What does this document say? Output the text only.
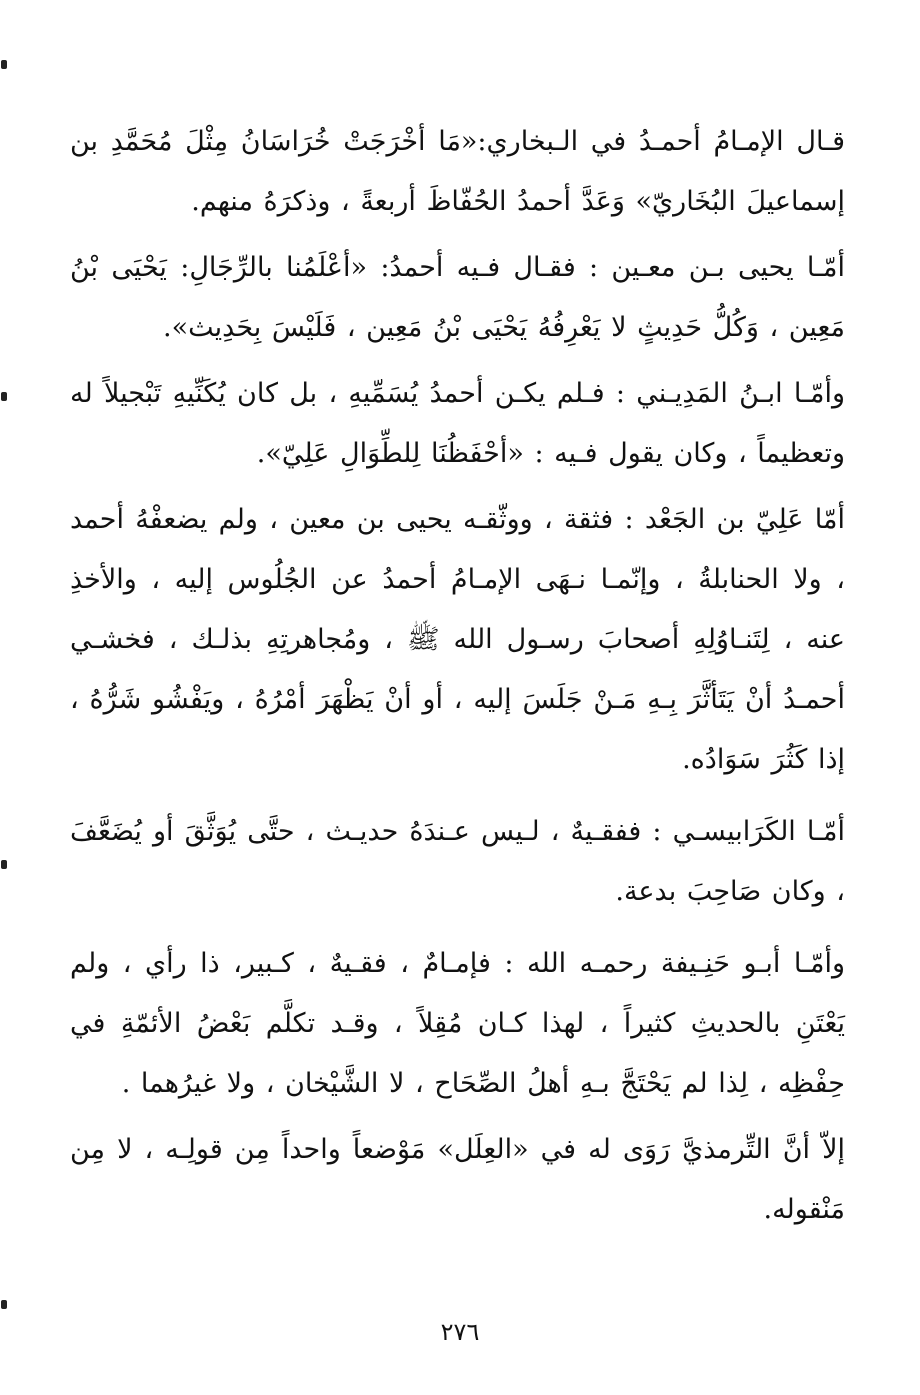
قـال الإمـامُ أحمـدُ في الـبخاري:«مَا أخْرَجَتْ خُرَاسَانُ مِثْلَ مُحَمَّدِ بن إسماعيلَ البُخَاريّ» وَعَدَّ أحمدُ الحُفّاظَ أربعةً ، وذكرَهُ منهم.

أمّـا يحيى بـن معـين : فقـال فـيه أحمدُ: «أعْلَمُنا بالرِّجَالِ: يَحْيَى بْنُ مَعِين ، وَكُلُّ حَدِيثٍ لا يَعْرِفُهُ يَحْيَى بْنُ مَعِين ، فَلَيْسَ بِحَدِيث».

وأمّـا ابـنُ المَدِيـني : فـلم يكـن أحمدُ يُسَمِّيهِ ، بل كان يُكَنِّيهِ تَبْجيلاً له وتعظيماً ، وكان يقول فـيه : «أحْفَظُنَا لِلطِّوَالِ عَلِيّ».

أمّا عَلِيّ بن الجَعْد : فثقة ، ووثّقـه يحيى بن معين ، ولم يضعفْهُ أحمد ، ولا الحنابلةُ ، وإنّمـا نـهَى الإمـامُ أحمدُ عن الجُلُوس إليه ، والأخذِ عنه ، لِتَنـاوُلِهِ أصحابَ رسـول الله ﷺ ، ومُجاهرتِهِ بذلـك ، فخشـي أحمـدُ أنْ يَتَأثَّرَ بِـهِ مَـنْ جَلَسَ إليه ، أو أنْ يَظْهَرَ أمْرُهُ ، ويَفْشُو شَرُّهُ ، إذا كَثُرَ سَوَادُه.

أمّـا الكَرَابيسـي : ففقـيهٌ ، لـيس عـندَهُ حديـث ، حتَّى يُوَثَّقَ أو يُضَعَّفَ ، وكان صَاحِبَ بدعة.

وأمّـا أبـو حَنِـيفة رحمـه الله : فإمـامٌ ، فقـيهٌ ، كـبير، ذا رأي ، ولم يَعْتَنِ بالحديثِ كثيراً ، لهذا كـان مُقِلاً ، وقـد تكلَّم بَعْضُ الأئمّةِ في حِفْظِه ، لِذا لم يَحْتَجَّ بـهِ أهلُ الصِّحَاح ، لا الشَّيْخان ، ولا غيرُهما .

إلاّ أنَّ التِّرمذيَّ رَوَى له في «العِلَل» مَوْضعاً واحداً مِن قولِـه ، لا مِن مَنْقوله.

٢٧٦
